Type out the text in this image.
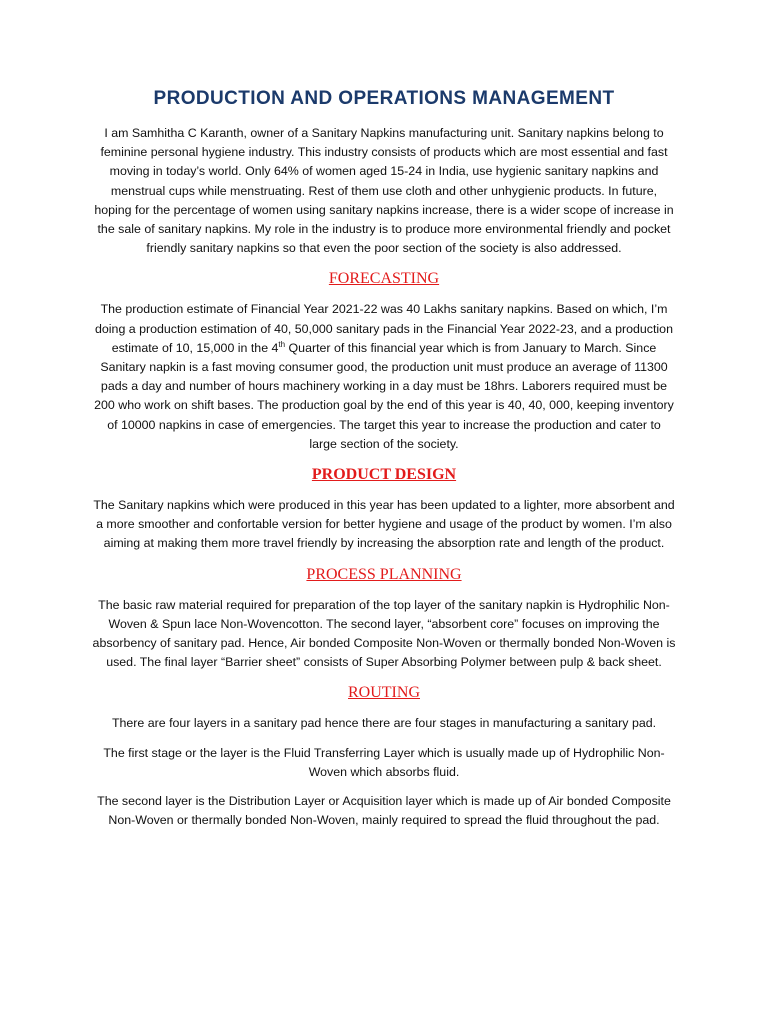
PRODUCTION AND OPERATIONS MANAGEMENT

I am Samhitha C Karanth, owner of a Sanitary Napkins manufacturing unit. Sanitary napkins belong to feminine personal hygiene industry. This industry consists of products which are most essential and fast moving in today’s world. Only 64% of women aged 15-24 in India, use hygienic sanitary napkins and menstrual cups while menstruating. Rest of them use cloth and other unhygienic products. In future, hoping for the percentage of women using sanitary napkins increase, there is a wider scope of increase in the sale of sanitary napkins. My role in the industry is to produce more environmental friendly and pocket friendly sanitary napkins so that even the poor section of the society is also addressed.

FORECASTING

The production estimate of Financial Year 2021-22 was 40 Lakhs sanitary napkins. Based on which, I’m doing a production estimation of 40, 50,000 sanitary pads in the Financial Year 2022-23, and a production estimate of 10, 15,000 in the 4th Quarter of this financial year which is from January to March. Since Sanitary napkin is a fast moving consumer good, the production unit must produce an average of 11300 pads a day and number of hours machinery working in a day must be 18hrs. Laborers required must be 200 who work on shift bases. The production goal by the end of this year is 40, 40, 000, keeping inventory of 10000 napkins in case of emergencies. The target this year to increase the production and cater to large section of the society.

PRODUCT DESIGN

The Sanitary napkins which were produced in this year has been updated to a lighter, more absorbent and a more smoother and confortable version for better hygiene and usage of the product by women. I’m also aiming at making them more travel friendly by increasing the absorption rate and length of the product.

PROCESS PLANNING

The basic raw material required for preparation of the top layer of the sanitary napkin is Hydrophilic Non-Woven & Spun lace Non-Wovencotton. The second layer, “absorbent core” focuses on improving the absorbency of sanitary pad. Hence, Air bonded Composite Non-Woven or thermally bonded Non-Woven is used. The final layer “Barrier sheet” consists of Super Absorbing Polymer between pulp & back sheet.

ROUTING

There are four layers in a sanitary pad hence there are four stages in manufacturing a sanitary pad.

The first stage or the layer is the Fluid Transferring Layer which is usually made up of Hydrophilic Non-Woven which absorbs fluid.

The second layer is the Distribution Layer or Acquisition layer which is made up of Air bonded Composite Non-Woven or thermally bonded Non-Woven, mainly required to spread the fluid throughout the pad.
